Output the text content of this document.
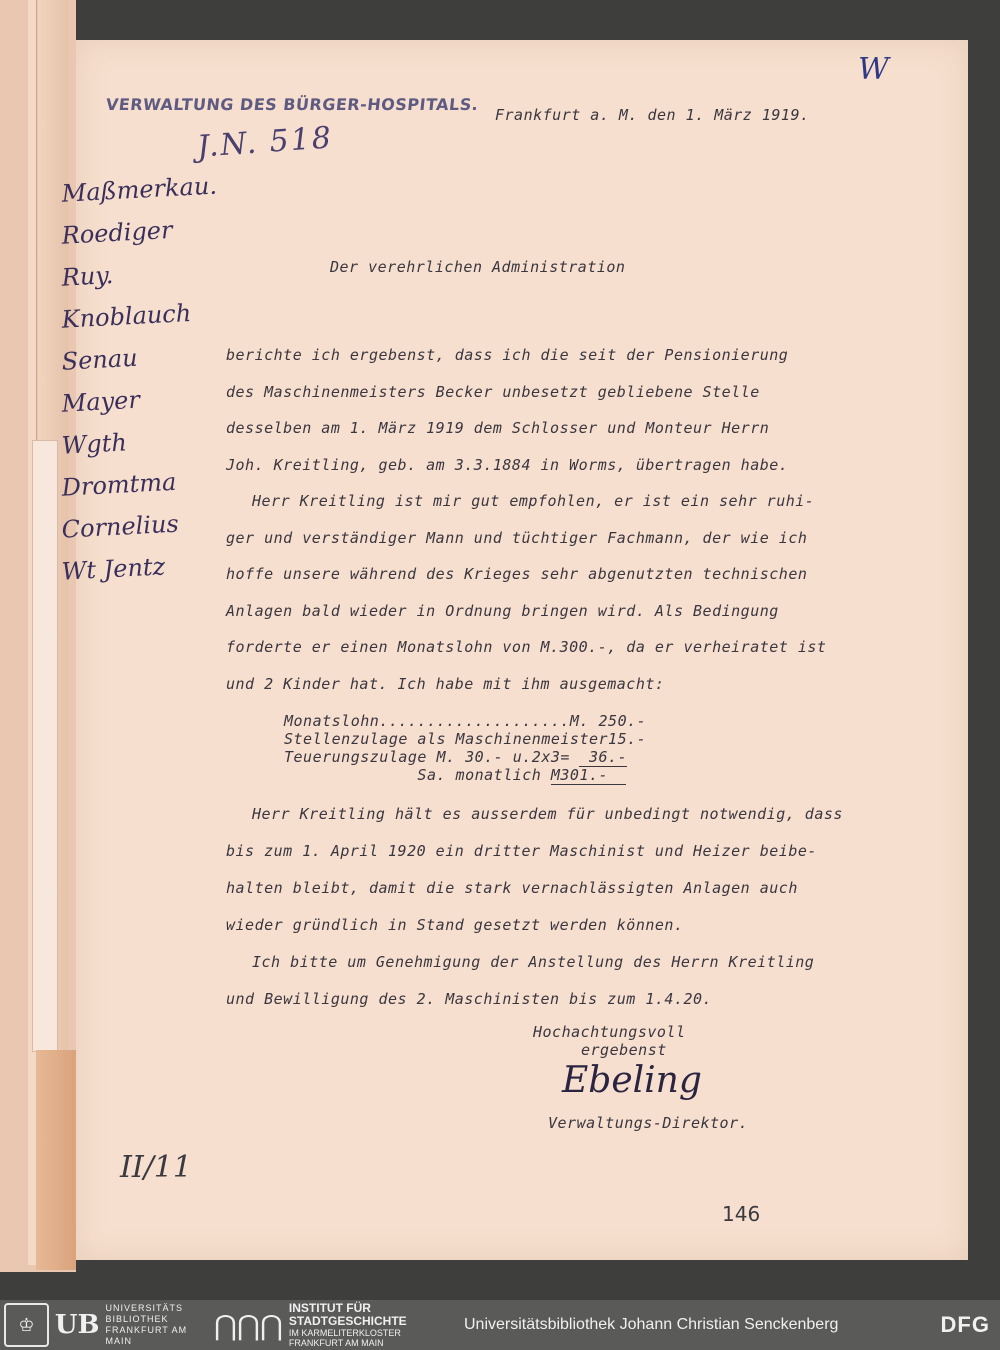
VERWALTUNG DES BÜRGER-HOSPITALS.
Frankfurt a. M. den 1. März 1919.
W
J.N. 518
Maßmerkau.
Roediger
Ruy.
Knoblauch
Senau
Mayer
Wgth
Dromtma
Cornelius
Wt Jentz
Der verehrlichen Administration
berichte ich ergebenst, dass ich die seit der Pensionierung
des Maschinenmeisters Becker unbesetzt gebliebene Stelle
desselben am 1. März 1919 dem Schlosser und Monteur Herrn
Joh. Kreitling, geb. am 3.3.1884 in Worms, übertragen habe.
Herr Kreitling ist mir gut empfohlen, er ist ein sehr ruhi-
ger und verständiger Mann und tüchtiger Fachmann, der wie ich
hoffe unsere während des Krieges sehr abgenutzten technischen
Anlagen bald wieder in Ordnung bringen wird. Als Bedingung
forderte er einen Monatslohn von M.300.-, da er verheiratet ist
und 2 Kinder hat. Ich habe mit ihm ausgemacht:
Monatslohn....................M. 250.-
Stellenzulage als Maschinenmeister15.-
Teuerungszulage M. 30.- u.2x3=  36.-
Sa. monatlich M301.-
Herr Kreitling hält es ausserdem für unbedingt notwendig, dass
bis zum 1. April 1920 ein dritter Maschinist und Heizer beibe-
halten bleibt, damit die stark vernachlässigten Anlagen auch
wieder gründlich in Stand gesetzt werden können.
Ich bitte um Genehmigung der Anstellung des Herrn Kreitling
und Bewilligung des 2. Maschinisten bis zum 1.4.20.
Hochachtungsvoll
ergebenst
Ebeling
Verwaltungs-Direktor.
II/11
146
♔ UB
UNIVERSITÄTS
BIBLIOTHEK
FRANKFURT AM MAIN	⋂⋂⋂
INSTITUT FÜR
STADTGESCHICHTE
IM KARMELITERKLOSTER
FRANKFURT AM MAIN
Universitätsbibliothek Johann Christian Senckenberg	DFG
